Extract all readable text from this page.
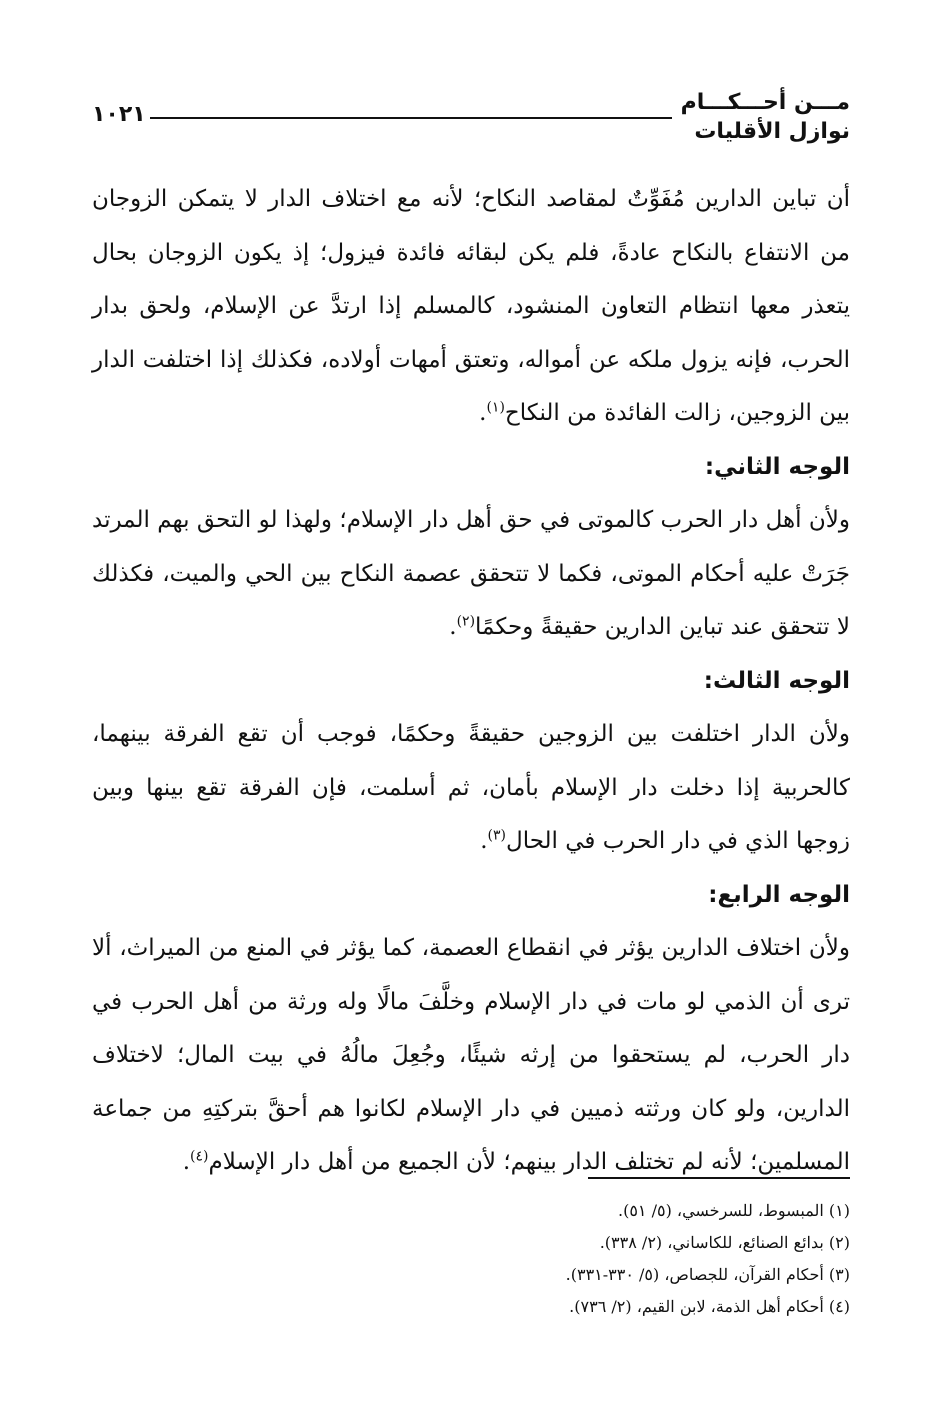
مـــن أحـــكـــام
نوازل الأقليات
١٠٢١

أن تباين الدارين مُفَوِّتٌ لمقاصد النكاح؛ لأنه مع اختلاف الدار لا يتمكن الزوجان من الانتفاع بالنكاح عادةً، فلم يكن لبقائه فائدة فيزول؛ إذ يكون الزوجان بحال يتعذر معها انتظام التعاون المنشود، كالمسلم إذا ارتدَّ عن الإسلام، ولحق بدار الحرب، فإنه يزول ملكه عن أمواله، وتعتق أمهات أولاده، فكذلك إذا اختلفت الدار بين الزوجين، زالت الفائدة من النكاح$^{(١)}$.

الوجه الثاني:

ولأن أهل دار الحرب كالموتى في حق أهل دار الإسلام؛ ولهذا لو التحق بهم المرتد جَرَتْ عليه أحكام الموتى، فكما لا تتحقق عصمة النكاح بين الحي والميت، فكذلك لا تتحقق عند تباين الدارين حقيقةً وحكمًا$^{(٢)}$.

الوجه الثالث:

ولأن الدار اختلفت بين الزوجين حقيقةً وحكمًا، فوجب أن تقع الفرقة بينهما، كالحربية إذا دخلت دار الإسلام بأمان، ثم أسلمت، فإن الفرقة تقع بينها وبين زوجها الذي في دار الحرب في الحال$^{(٣)}$.

الوجه الرابع:

ولأن اختلاف الدارين يؤثر في انقطاع العصمة، كما يؤثر في المنع من الميراث، ألا ترى أن الذمي لو مات في دار الإسلام وخلَّفَ مالًا وله ورثة من أهل الحرب في دار الحرب، لم يستحقوا من إرثه شيئًا، وجُعِلَ مالُهُ في بيت المال؛ لاختلاف الدارين، ولو كان ورثته ذميين في دار الإسلام لكانوا هم أحقَّ بتركتِهِ من جماعة المسلمين؛ لأنه لم تختلف الدار بينهم؛ لأن الجميع من أهل دار الإسلام$^{(٤)}$.

(١) المبسوط، للسرخسي، (٥/ ٥١).

(٢) بدائع الصنائع، للكاساني، (٢/ ٣٣٨).

(٣) أحكام القرآن، للجصاص، (٥/ ٣٣٠-٣٣١).

(٤) أحكام أهل الذمة، لابن القيم، (٢/ ٧٣٦).
